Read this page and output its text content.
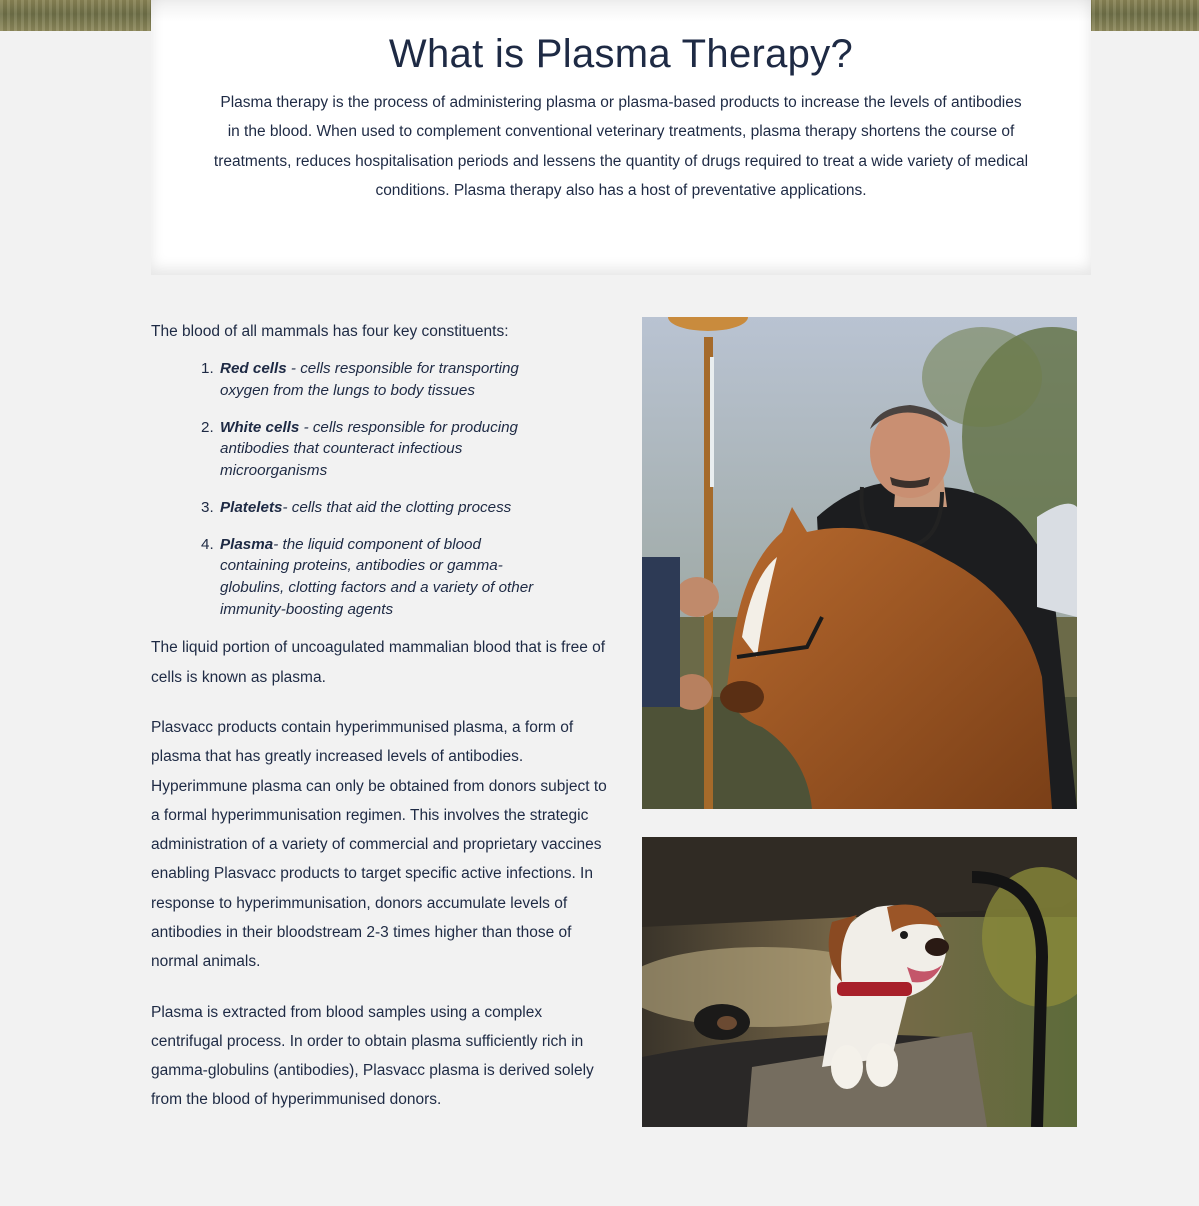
What is Plasma Therapy?

Plasma therapy is the process of administering plasma or plasma-based products to increase the levels of antibodies in the blood. When used to complement conventional veterinary treatments, plasma therapy shortens the course of treatments, reduces hospitalisation periods and lessens the quantity of drugs required to treat a wide variety of medical conditions. Plasma therapy also has a host of preventative applications.

The blood of all mammals has four key constituents:

1. Red cells - cells responsible for transporting oxygen from the lungs to body tissues
2. White cells - cells responsible for producing antibodies that counteract infectious microorganisms
3. Platelets- cells that aid the clotting process
4. Plasma- the liquid component of blood containing proteins, antibodies or gamma-globulins, clotting factors and a variety of other immunity-boosting agents

The liquid portion of uncoagulated mammalian blood that is free of cells is known as plasma.

Plasvacc products contain hyperimmunised plasma, a form of plasma that has greatly increased levels of antibodies. Hyperimmune plasma can only be obtained from donors subject to a formal hyperimmunisation regimen. This involves the strategic administration of a variety of commercial and proprietary vaccines enabling Plasvacc products to target specific active infections. In response to hyperimmunisation, donors accumulate levels of antibodies in their bloodstream 2-3 times higher than those of normal animals.

Plasma is extracted from blood samples using a complex centrifugal process. In order to obtain plasma sufficiently rich in gamma-globulins (antibodies), Plasvacc plasma is derived solely from the blood of hyperimmunised donors.
